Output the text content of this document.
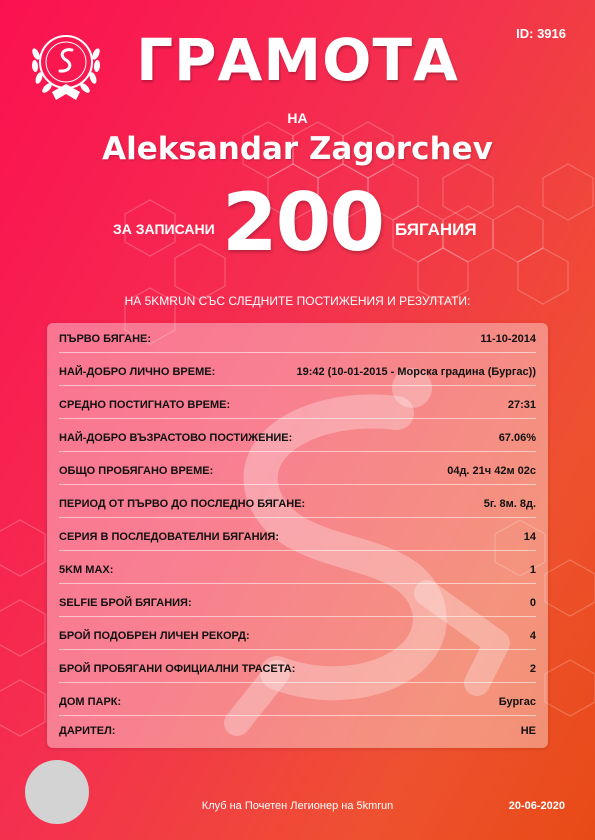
ID: 3916
ГРАМОТА
НА
Aleksandar Zagorchev
ЗА ЗАПИСАНИ 200 БЯГАНИЯ
НА 5KMRUN СЪС СЛЕДНИТЕ ПОСТИЖЕНИЯ И РЕЗУЛТАТИ:
ПЪРВО БЯГАНЕ:	11-10-2014
НАЙ-ДОБРО ЛИЧНО ВРЕМЕ:	19:42 (10-01-2015 - Морска градина (Бургас))
СРЕДНО ПОСТИГНАТО ВРЕМЕ:	27:31
НАЙ-ДОБРО ВЪЗРАСТОВО ПОСТИЖЕНИЕ:	67.06%
ОБЩО ПРОБЯГАНО ВРЕМЕ:	04д. 21ч 42м 02с
ПЕРИОД ОТ ПЪРВО ДО ПОСЛЕДНО БЯГАНЕ:	5г. 8м. 8д.
СЕРИЯ В ПОСЛЕДОВАТЕЛНИ БЯГАНИЯ:	14
5KM MAX:	1
SELFIE БРОЙ БЯГАНИЯ:	0
БРОЙ ПОДОБРЕН ЛИЧЕН РЕКОРД:	4
БРОЙ ПРОБЯГАНИ ОФИЦИАЛНИ ТРАСЕТА:	2
ДОМ ПАРК:	Бургас
ДАРИТЕЛ:	НЕ
Клуб на Почетен Легионер на 5kmrun	20-06-2020
